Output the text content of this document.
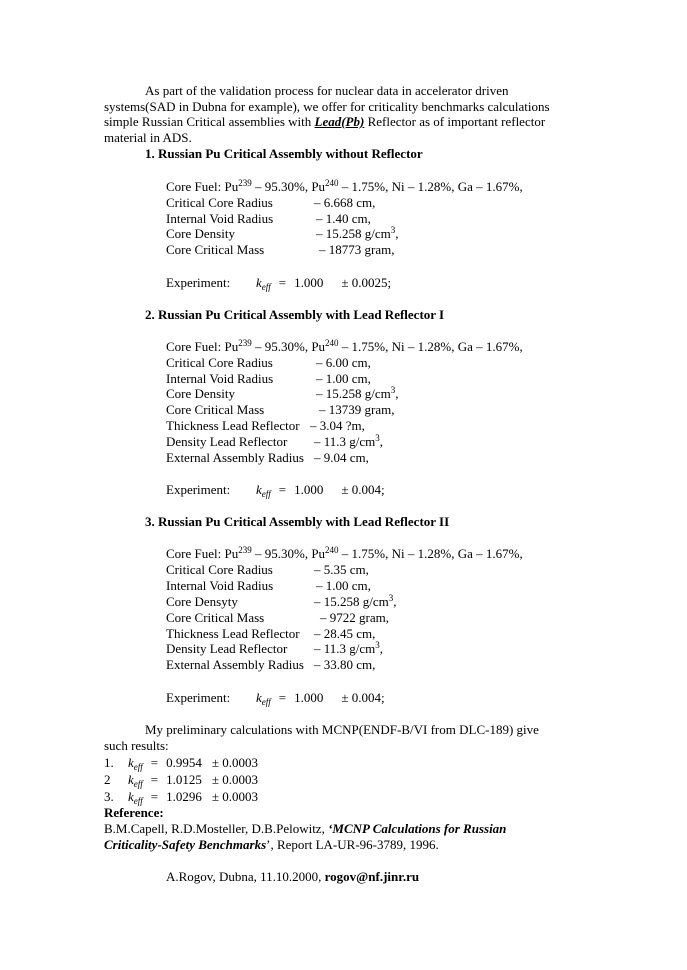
As part of the validation process for nuclear data in accelerator driven
systems(SAD in Dubna for example), we offer for criticality benchmarks calculations
simple Russian Critical assemblies with Lead(Pb) Reflector as of important reflector
material in ADS.
1. Russian Pu Critical Assembly without Reflector
Core Fuel: Pu$^{239}$ – 95.30%, Pu$^{240}$ – 1.75%, Ni – 1.28%, Ga – 1.67%,
Critical Core Radius	– 6.668 cm,
Internal Void Radius	– 1.40 cm,
Core Density	– 15.258 $g/cm^3$,
Core Critical Mass	– 18773 gram,
Experiment: $k_{eff} = 1.000 \pm 0.0025$;
2. Russian Pu Critical Assembly with Lead Reflector I
Core Fuel: Pu$^{239}$ – 95.30%, Pu$^{240}$ – 1.75%, Ni – 1.28%, Ga – 1.67%,
Critical Core Radius	– 6.00 cm,
Internal Void Radius	– 1.00 cm,
Core Density	– 15.258 $g/cm^3$,
Core Critical Mass	– 13739 gram,
Thickness Lead Reflector – 3.04 ?m,
Density Lead Reflector – 11.3 $g/cm^3$,
External Assembly Radius – 9.04 cm,
Experiment: $k_{eff} = 1.000 \pm 0.004$;
3. Russian Pu Critical Assembly with Lead Reflector II
Core Fuel: Pu$^{239}$ – 95.30%, Pu$^{240}$ – 1.75%, Ni – 1.28%, Ga – 1.67%,
Critical Core Radius	– 5.35 cm,
Internal Void Radius	– 1.00 cm,
Core Densyty	– 15.258 $g/cm^3$,
Core Critical Mass	– 9722 gram,
Thickness Lead Reflector – 28.45 cm,
Density Lead Reflector – 11.3 $g/cm^3$,
External Assembly Radius – 33.80 cm,
Experiment: $k_{eff} = 1.000 \pm 0.004$;
My preliminary calculations with MCNP(ENDF-B/VI from DLC-189) give
such results:
1. $k_{eff} = 0.9954 \pm 0.0003$
2 $k_{eff} = 1.0125 \pm 0.0003$
3. $k_{eff} = 1.0296 \pm 0.0003$
Reference:
B.M.Capell, R.D.Mosteller, D.B.Pelowitz, ‘MCNP Calculations for Russian
Criticality-Safety Benchmarks’, Report LA-UR-96-3789, 1996.
A.Rogov, Dubna, 11.10.2000, rogov@nf.jinr.ru
